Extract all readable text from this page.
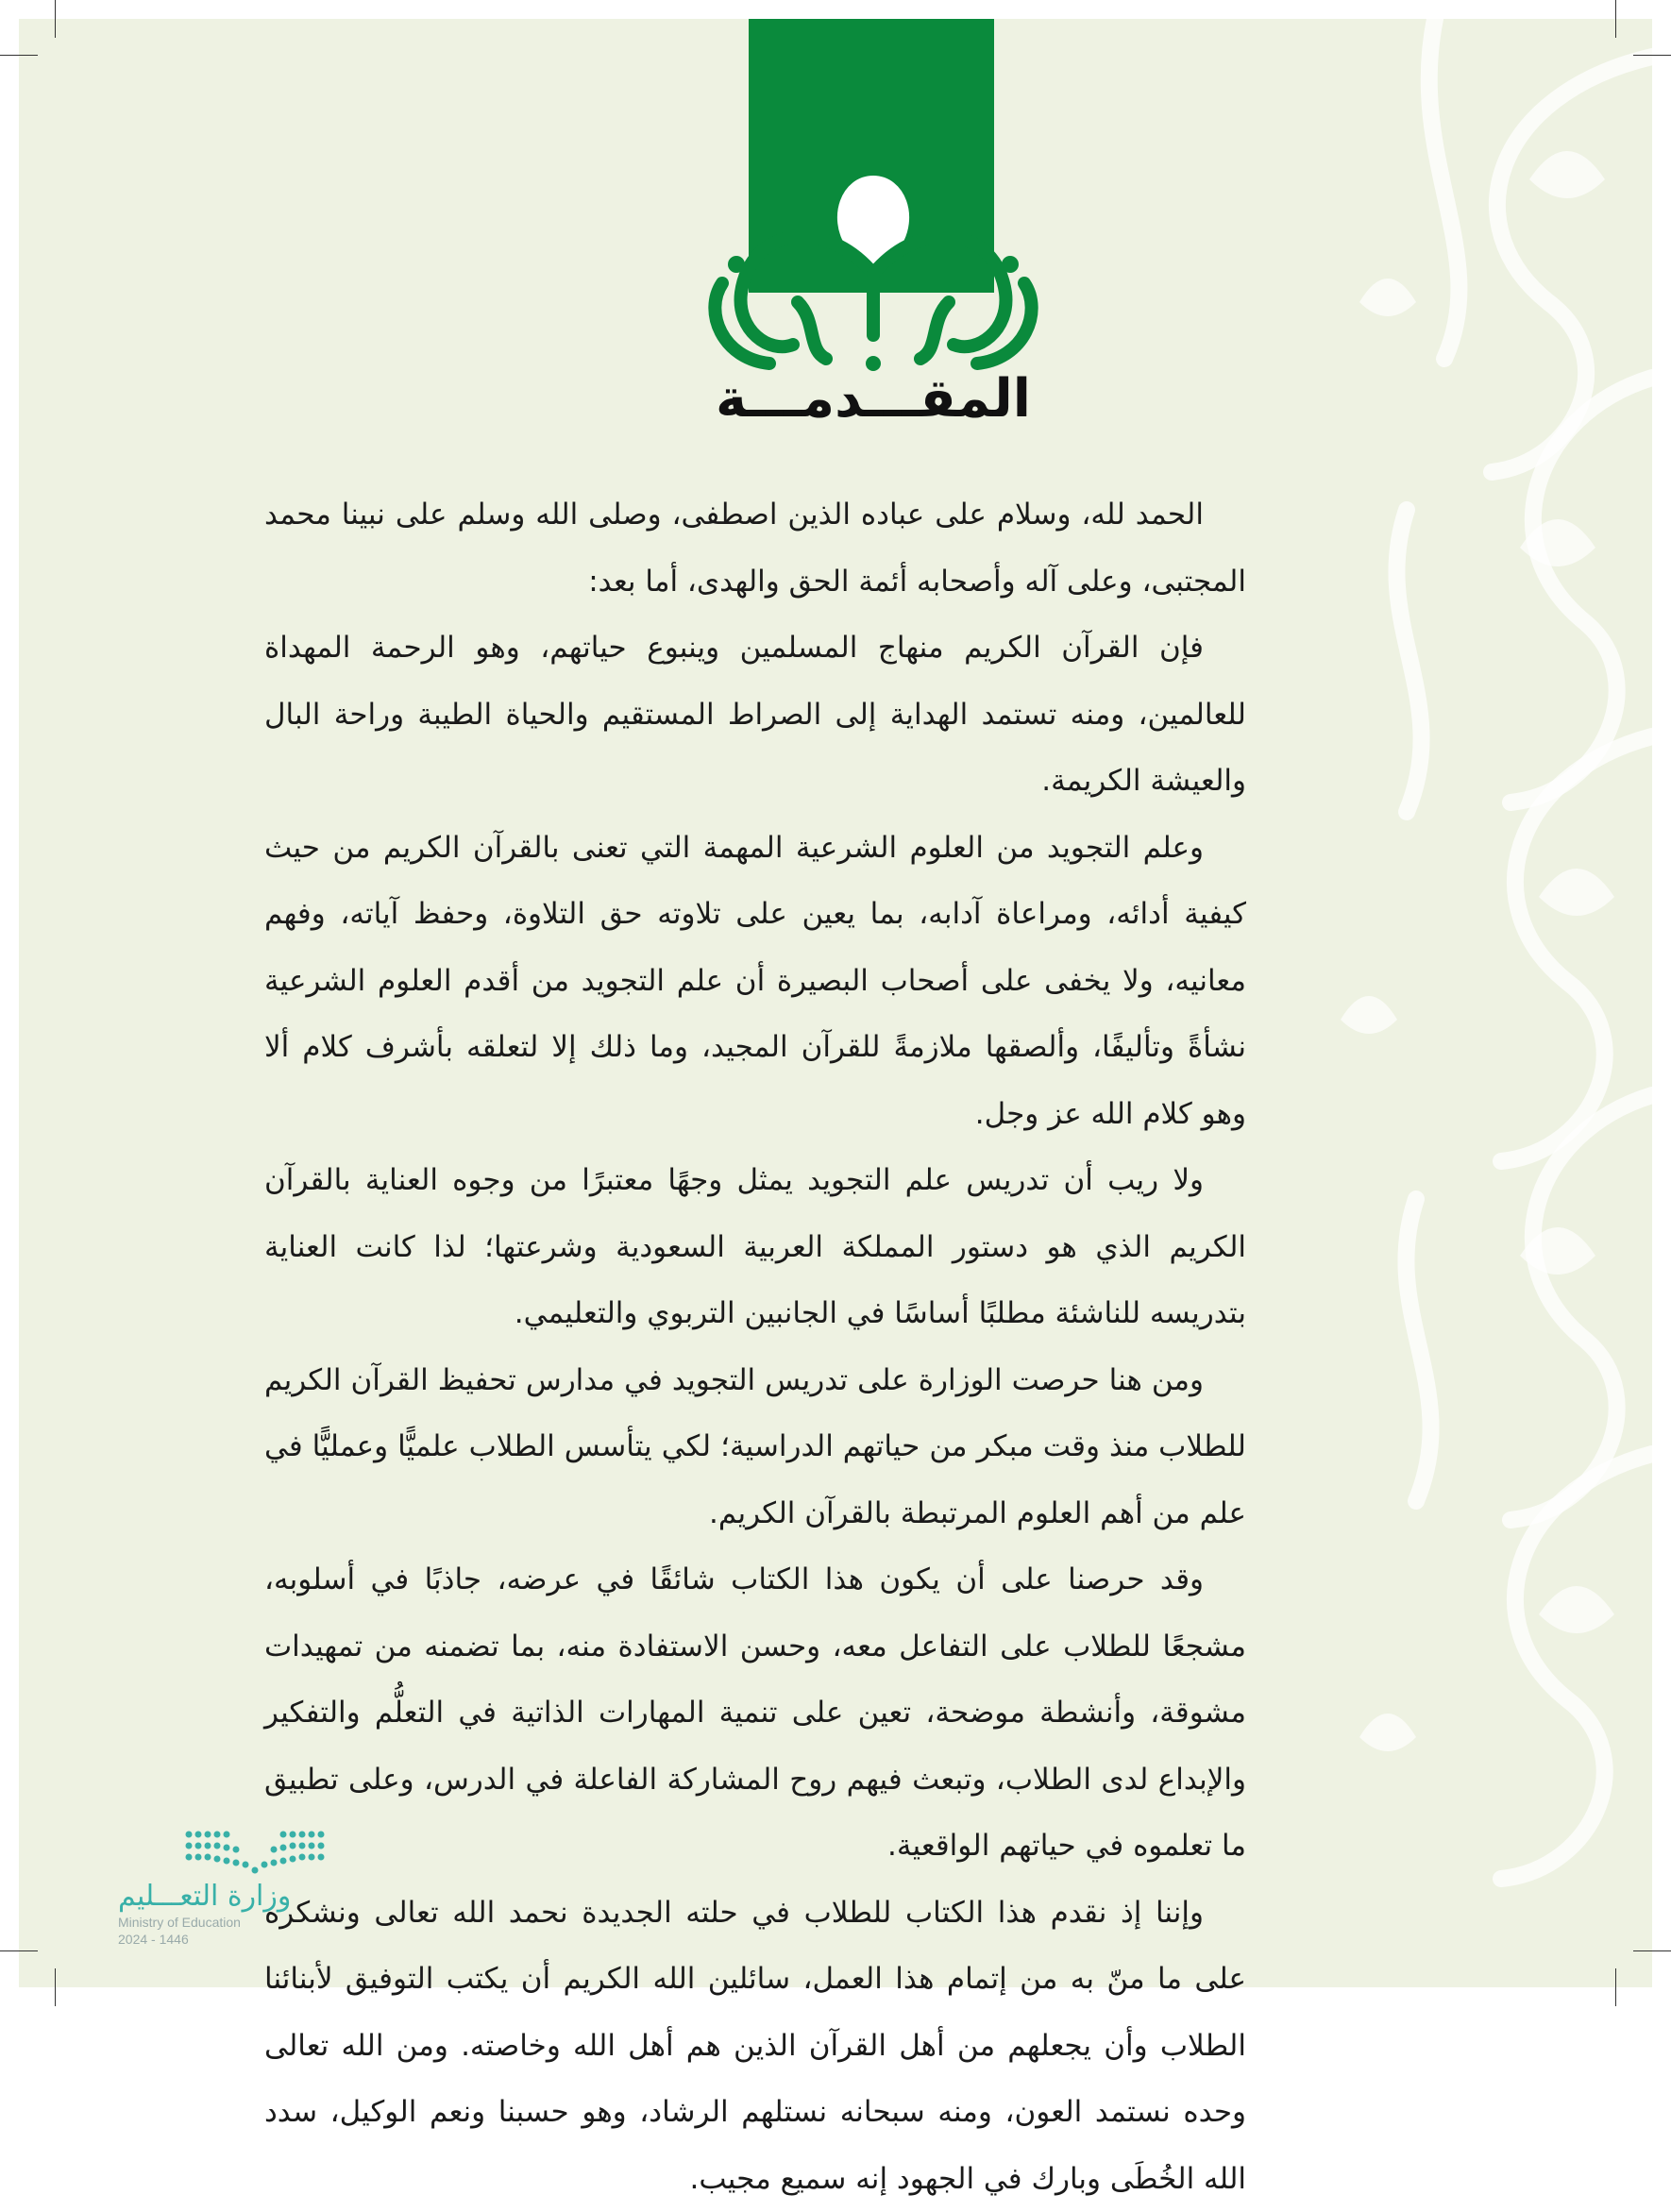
المقـــدمـــة

الحمد لله، وسلام على عباده الذين اصطفى، وصلى الله وسلم على نبينا محمد المجتبى، وعلى آله وأصحابه أئمة الحق والهدى، أما بعد:

فإن القرآن الكريم منهاج المسلمين وينبوع حياتهم، وهو الرحمة المهداة للعالمين، ومنه تستمد الهداية إلى الصراط المستقيم والحياة الطيبة وراحة البال والعيشة الكريمة.

وعلم التجويد من العلوم الشرعية المهمة التي تعنى بالقرآن الكريم من حيث كيفية أدائه، ومراعاة آدابه، بما يعين على تلاوته حق التلاوة، وحفظ آياته، وفهم معانيه، ولا يخفى على أصحاب البصيرة أن علم التجويد من أقدم العلوم الشرعية نشأةً وتأليفًا، وألصقها ملازمةً للقرآن المجيد، وما ذلك إلا لتعلقه بأشرف كلام ألا وهو كلام الله عز وجل.

ولا ريب أن تدريس علم التجويد يمثل وجهًا معتبرًا من وجوه العناية بالقرآن الكريم الذي هو دستور المملكة العربية السعودية وشرعتها؛ لذا كانت العناية بتدريسه للناشئة مطلبًا أساسًا في الجانبين التربوي والتعليمي.

ومن هنا حرصت الوزارة على تدريس التجويد في مدارس تحفيظ القرآن الكريم للطلاب منذ وقت مبكر من حياتهم الدراسية؛ لكي يتأسس الطلاب علميًّا وعمليًّا في علم من أهم العلوم المرتبطة بالقرآن الكريم.

وقد حرصنا على أن يكون هذا الكتاب شائقًا في عرضه، جاذبًا في أسلوبه، مشجعًا للطلاب على التفاعل معه، وحسن الاستفادة منه، بما تضمنه من تمهيدات مشوقة، وأنشطة موضحة، تعين على تنمية المهارات الذاتية في التعلُّم والتفكير والإبداع لدى الطلاب، وتبعث فيهم روح المشاركة الفاعلة في الدرس، وعلى تطبيق ما تعلموه في حياتهم الواقعية.

وإننا إذ نقدم هذا الكتاب للطلاب في حلته الجديدة نحمد الله تعالى ونشكره على ما منّ به من إتمام هذا العمل، سائلين الله الكريم أن يكتب التوفيق لأبنائنا الطلاب وأن يجعلهم من أهل القرآن الذين هم أهل الله وخاصته. ومن الله تعالى وحده نستمد العون، ومنه سبحانه نستلهم الرشاد، وهو حسبنا ونعم الوكيل، سدد الله الخُطَى وبارك في الجهود إنه سميع مجيب.

وزارة التعـــليم
Ministry of Education
2024 - 1446
